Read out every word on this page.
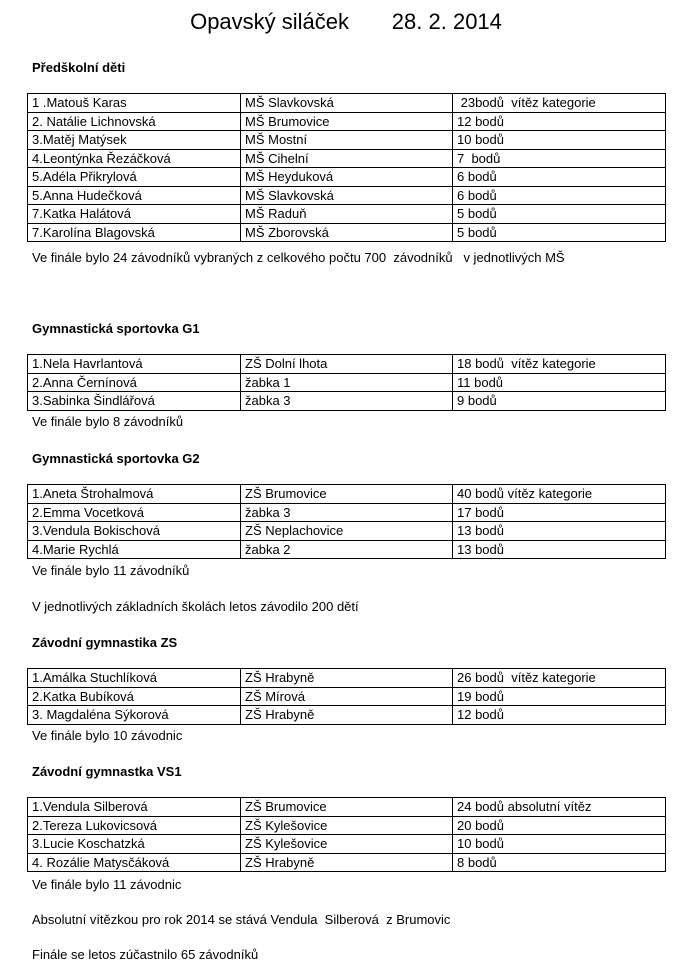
Opavský siláček       28. 2. 2014
Předškolní děti
1 .Matouš Karas	MŠ Slavkovská	23bodů  vítěz kategorie
2. Natálie Lichnovská	MŠ Brumovice	12 bodů
3.Matěj Matýsek	MŠ Mostní	10 bodů
4.Leontýnka Řezáčková	MŠ Cihelní	7  bodů
5.Adéla Přikrylová	MŠ Heyduková	6 bodů
5.Anna Hudečková	MŠ Slavkovská	6 bodů
7.Katka Halátová	MŠ Raduň	5 bodů
7.Karolína Blagovská	MŠ Zborovská	5 bodů
Ve finále bylo 24 závodníků vybraných z celkového počtu 700  závodníků   v jednotlivých MŠ
Gymnastická sportovka G1
1.Nela Havrlantová	ZŠ Dolní lhota	18 bodů  vítěz kategorie
2.Anna Černínová	žabka 1	11 bodů
3.Sabinka Šindlářová	žabka 3	9 bodů
Ve finále bylo 8 závodníků
Gymnastická sportovka G2
1.Aneta Štrohalmová	ZŠ Brumovice	40 bodů vítěz kategorie
2.Emma Vocetková	žabka 3	17 bodů
3.Vendula Bokischová	ZŠ Neplachovice	13 bodů
4.Marie Rychlá	žabka 2	13 bodů
Ve finále bylo 11 závodníků
V jednotlivých základních školách letos závodilo 200 dětí
Závodní gymnastika ZS
1.Amálka Stuchlíková	ZŠ Hrabyně	26 bodů  vítěz kategorie
2.Katka Bubíková	ZŠ Mírová	19 bodů
3. Magdaléna Sýkorová	ZŠ Hrabyně	12 bodů
Ve finále bylo 10 závodnic
Závodní gymnastka VS1
1.Vendula Silberová	ZŠ Brumovice	24 bodů absolutní vítěz
2.Tereza Lukovicsová	ZŠ Kylešovice	20 bodů
3.Lucie Koschatzká	ZŠ Kylešovice	10 bodů
4. Rozálie Matysčáková	ZŠ Hrabyně	8 bodů
Ve finále bylo 11 závodnic
Absolutní vítězkou pro rok 2014 se stává Vendula  Silberová  z Brumovic
Finále se letos zúčastnilo 65 závodníků
